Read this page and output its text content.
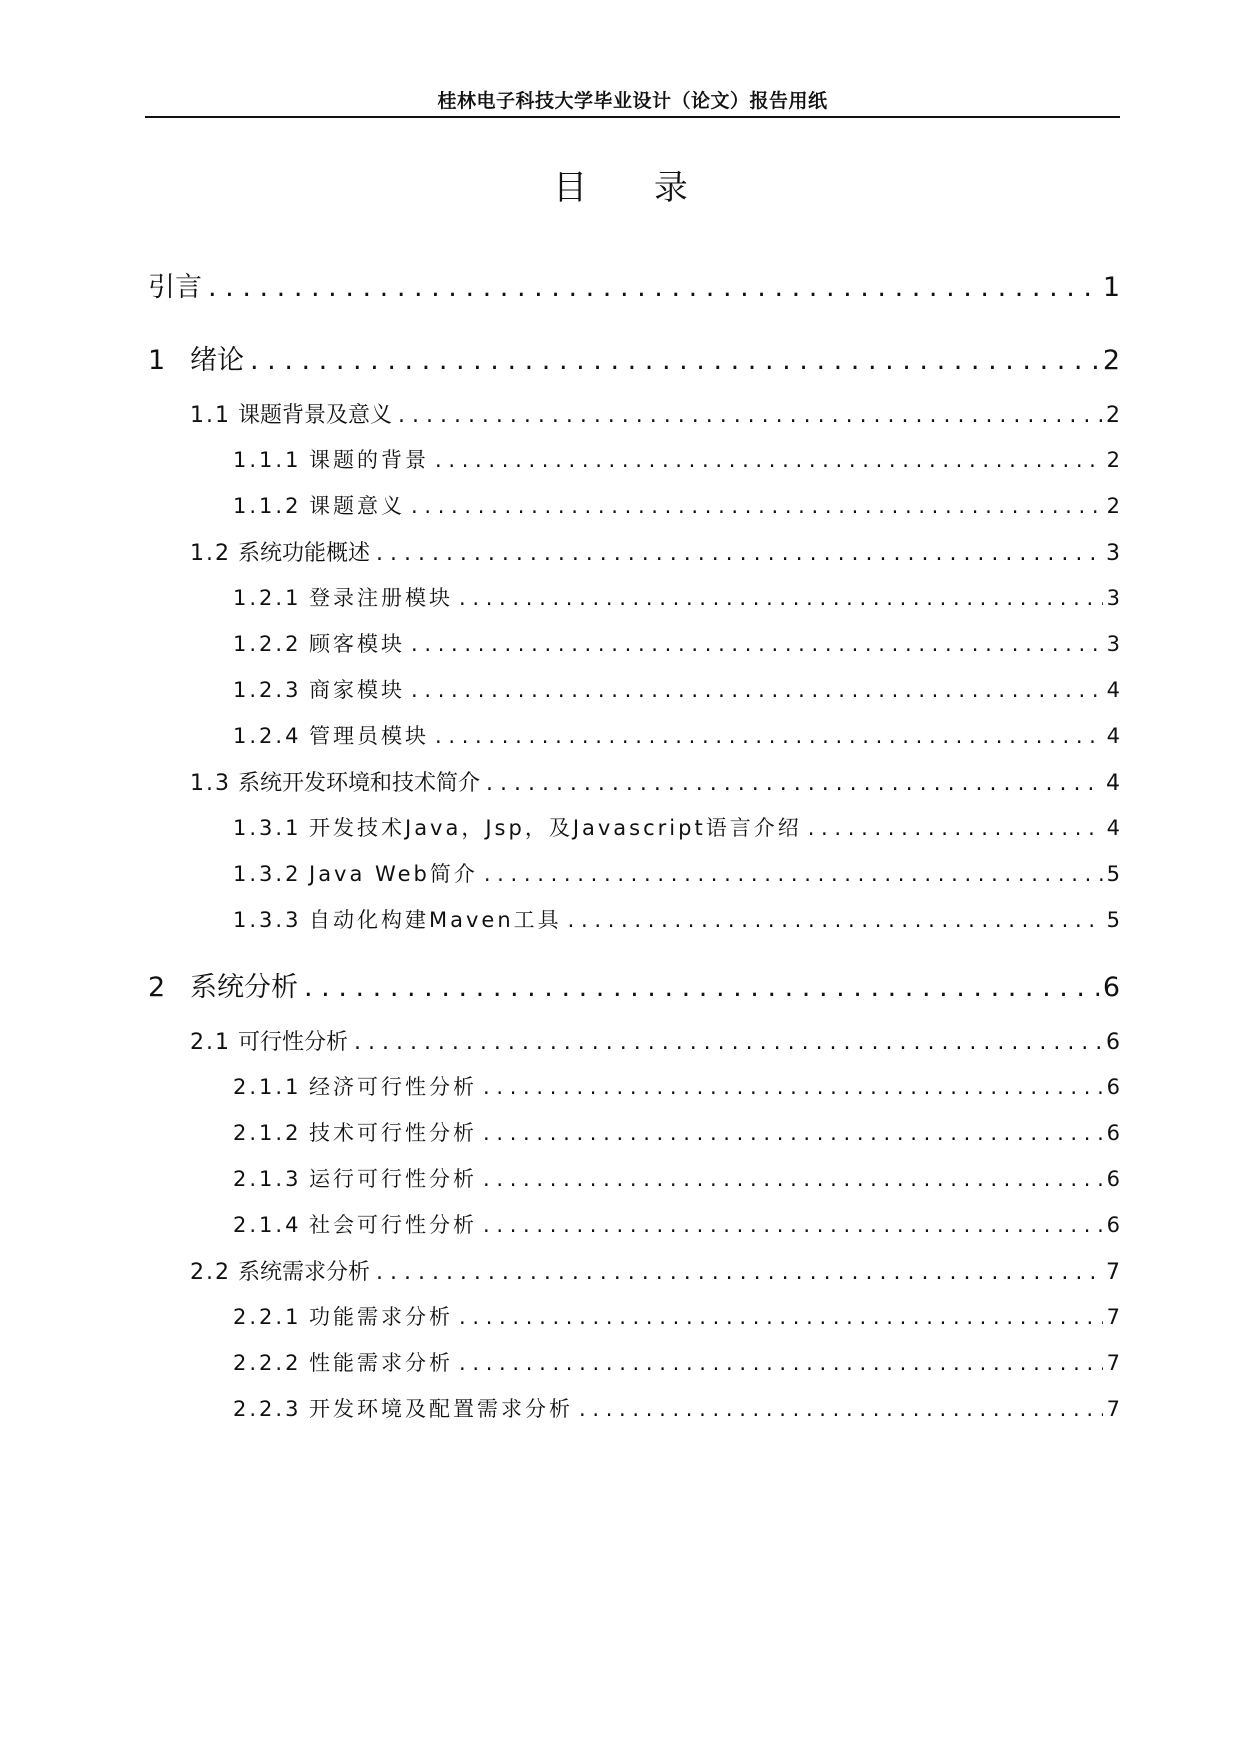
桂林电子科技大学毕业设计（论文）报告用纸
目 录
引言 . . .	1
1 绪论 . . .	2
1.1 课题背景及意义 . . .	2
1.1.1 课题的背景 . . .	2
1.1.2 课题意义 . . .	2
1.2 系统功能概述 . . .	3
1.2.1 登录注册模块 . . .	3
1.2.2 顾客模块 . . .	3
1.2.3 商家模块 . . .	4
1.2.4 管理员模块 . . .	4
1.3 系统开发环境和技术简介 . . .	4
1.3.1 开发技术Java，Jsp，及Javascript语言介绍 . . .	4
1.3.2 Java Web简介 . . .	5
1.3.3 自动化构建Maven工具 . . .	5
2 系统分析 . . .	6
2.1 可行性分析 . . .	6
2.1.1 经济可行性分析 . . .	6
2.1.2 技术可行性分析 . . .	6
2.1.3 运行可行性分析 . . .	6
2.1.4 社会可行性分析 . . .	6
2.2 系统需求分析 . . .	7
2.2.1 功能需求分析 . . .	7
2.2.2 性能需求分析 . . .	7
2.2.3 开发环境及配置需求分析 . . .	7
